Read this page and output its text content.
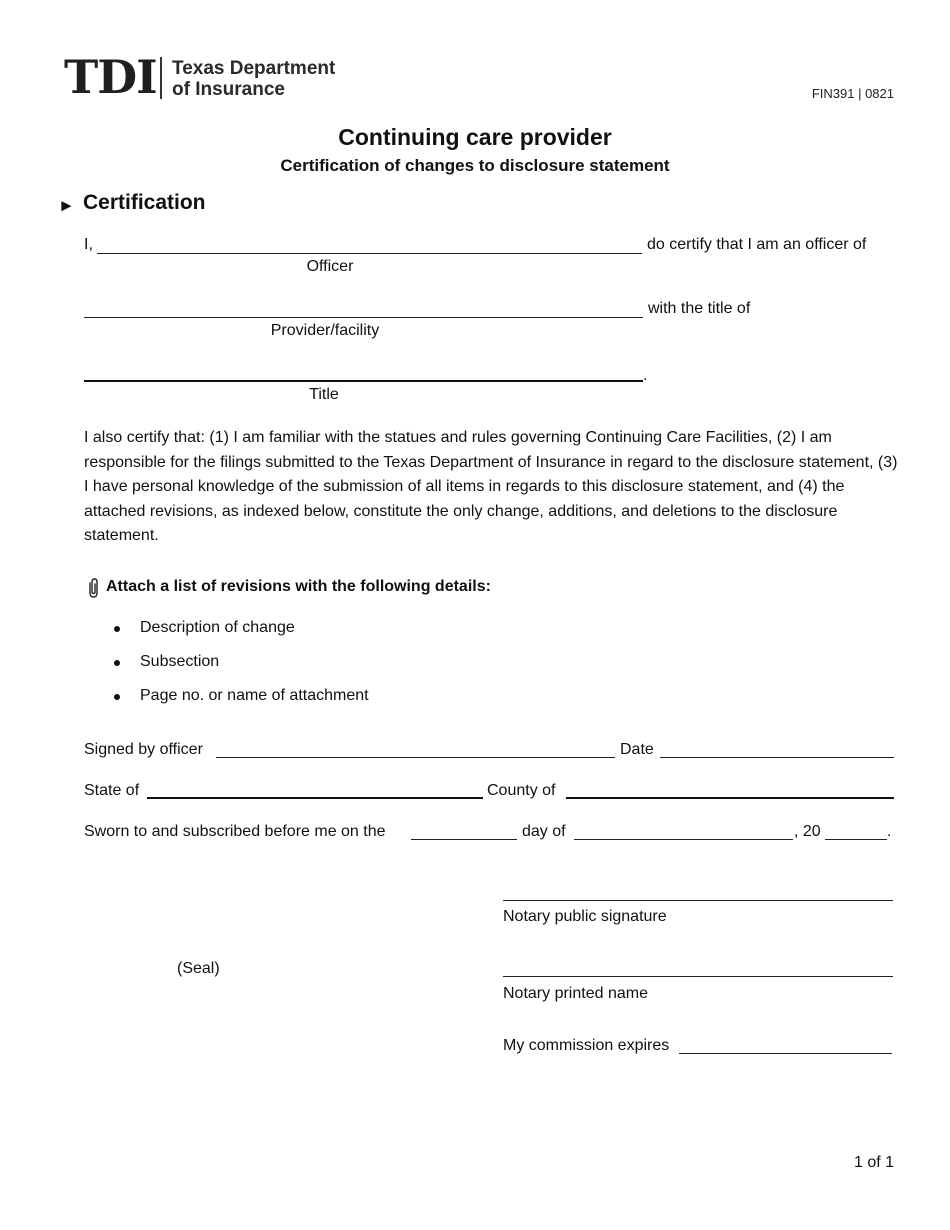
TDI Texas Department
of Insurance	FIN391 | 0821
Continuing care provider
Certification of changes to disclosure statement
► Certification
I,	do certify that I am an officer of
Officer
with the title of
Provider/facility
.
Title
I also certify that: (1) I am familiar with the statues and rules governing Continuing Care Facilities, (2) I am responsible for the filings submitted to the Texas Department of Insurance in regard to the disclosure statement, (3) I have personal knowledge of the submission of all items in regards to this disclosure statement, and (4) the attached revisions, as indexed below, constitute the only change, additions, and deletions to the disclosure statement.
Attach a list of revisions with the following details:
Description of change
Subsection
Page no. or name of attachment
Signed by officer	Date
State of	County of
Sworn to and subscribed before me on the	day of	, 20	.
Notary public signature
(Seal)
Notary printed name
My commission expires
1 of 1
